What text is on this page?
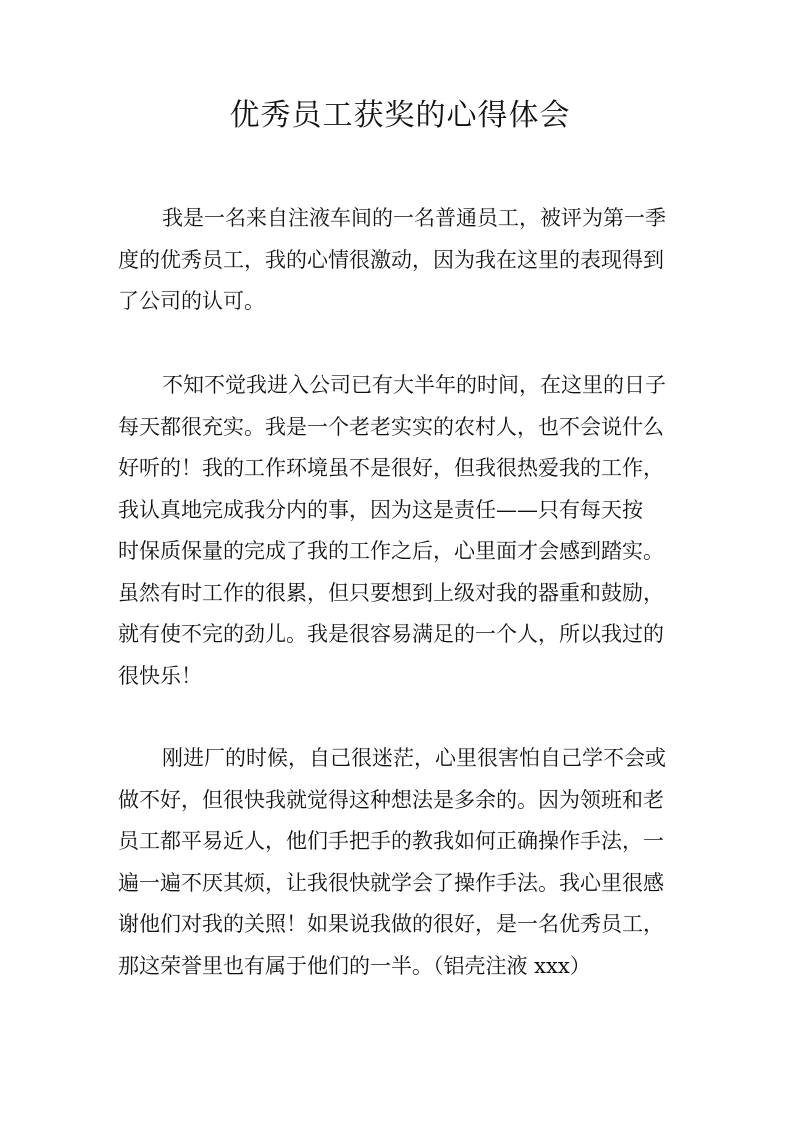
优秀员工获奖的心得体会

我是一名来自注液车间的一名普通员工，被评为第一季
度的优秀员工，我的心情很激动，因为我在这里的表现得到
了公司的认可。

不知不觉我进入公司已有大半年的时间，在这里的日子
每天都很充实。我是一个老老实实的农村人，也不会说什么
好听的！我的工作环境虽不是很好，但我很热爱我的工作，
我认真地完成我分内的事，因为这是责任——只有每天按
时保质保量的完成了我的工作之后，心里面才会感到踏实。
虽然有时工作的很累，但只要想到上级对我的器重和鼓励，
就有使不完的劲儿。我是很容易满足的一个人，所以我过的
很快乐！

刚进厂的时候，自己很迷茫，心里很害怕自己学不会或
做不好，但很快我就觉得这种想法是多余的。因为领班和老
员工都平易近人，他们手把手的教我如何正确操作手法，一
遍一遍不厌其烦，让我很快就学会了操作手法。我心里很感
谢他们对我的关照！如果说我做的很好，是一名优秀员工，
那这荣誉里也有属于他们的一半。（铝壳注液 xxx）
